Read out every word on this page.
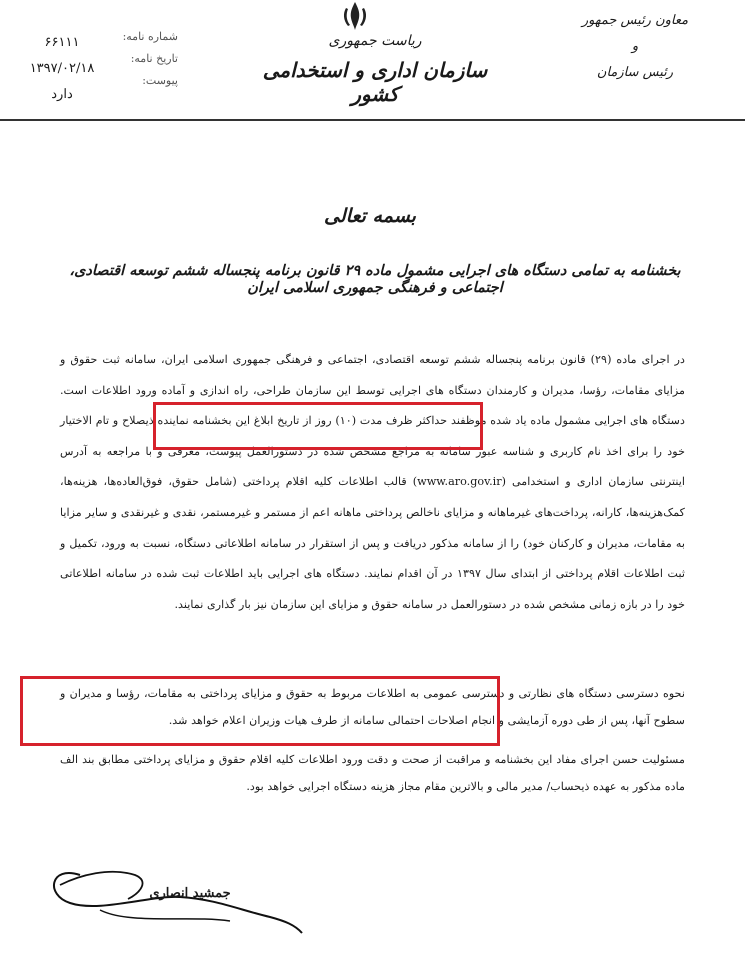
معاون رئیس جمهور
و
رئیس سازمان
ریاست جمهوری
سازمان اداری و استخدامی کشور
شماره نامه:
تاریخ نامه:
پیوست:
۶۶۱۱۱
۱۳۹۷/۰۲/۱۸
دارد
بسمه تعالی
بخشنامه به تمامی دستگاه های اجرایی مشمول ماده ۲۹ قانون برنامه پنجساله ششم توسعه اقتصادی، اجتماعی و فرهنگی جمهوری اسلامی ایران
در اجرای ماده (۲۹) قانون برنامه پنجساله ششم توسعه اقتصادی، اجتماعی و فرهنگی جمهوری اسلامی ایران، سامانه ثبت حقوق و مزایای مقامات، رؤسا، مدیران و کارمندان دستگاه های اجرایی توسط این سازمان طراحی، راه اندازی و آماده ورود اطلاعات است. دستگاه های اجرایی مشمول ماده یاد شده موظفند حداکثر ظرف مدت (۱۰) روز از تاریخ ابلاغ این بخشنامه نماینده ذیصلاح و تام الاختیار خود را برای اخذ نام کاربری و شناسه عبور سامانه به مراجع مشخص شده در دستورالعمل پیوست، معرفی و با مراجعه به آدرس اینترنتی سازمان اداری و استخدامی (www.aro.gov.ir) قالب اطلاعات کلیه اقلام پرداختی (شامل حقوق، فوق‌العاده‌ها، هزینه‌ها، کمک‌هزینه‌ها، کارانه، پرداخت‌های غیرماهانه و مزایای ناخالص پرداختی ماهانه اعم از مستمر و غیرمستمر، نقدی و غیرنقدی و سایر مزایا به مقامات، مدیران و کارکنان خود) را از سامانه مذکور دریافت و پس از استقرار در سامانه اطلاعاتی دستگاه، نسبت به ورود، تکمیل و ثبت اطلاعات اقلام پرداختی از ابتدای سال ۱۳۹۷ در آن اقدام نمایند. دستگاه های اجرایی باید اطلاعات ثبت شده در سامانه اطلاعاتی خود را در بازه زمانی مشخص شده در دستورالعمل در سامانه حقوق و مزایای این سازمان نیز بار گذاری نمایند.
نحوه دسترسی دستگاه های نظارتی و دسترسی عمومی به اطلاعات مربوط به حقوق و مزایای پرداختی به مقامات، رؤسا و مدیران و سطوح آنها، پس از طی دوره آزمایشی و انجام اصلاحات احتمالی سامانه از طرف هیات وزیران اعلام خواهد شد.
مسئولیت حسن اجرای مفاد این بخشنامه و مراقبت از صحت و دقت ورود اطلاعات کلیه اقلام حقوق و مزایای پرداختی مطابق بند الف ماده مذکور به عهده ذیحساب/ مدیر مالی و بالاترین مقام مجاز هزینه دستگاه اجرایی خواهد بود.
جمشید انصاری
